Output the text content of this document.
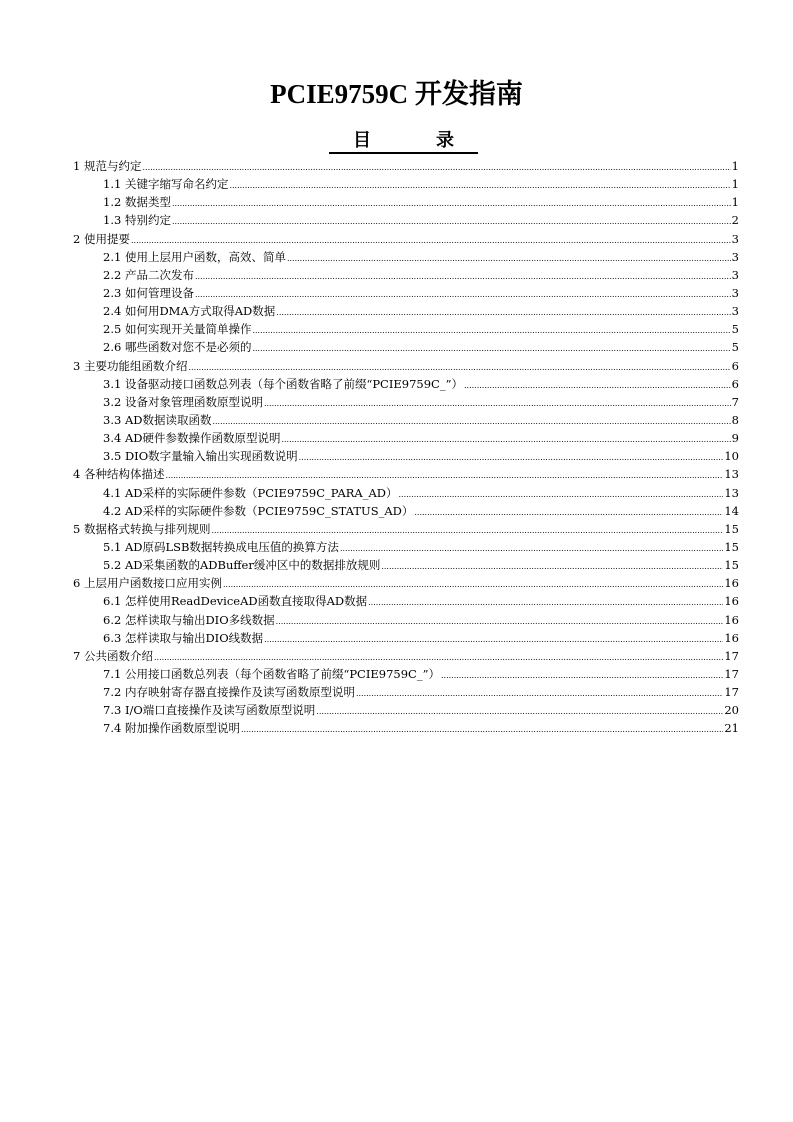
PCIE9759C 开发指南
目	录
1 规范与约定 .....	1
1.1 关键字缩写命名约定 .....	1
1.2 数据类型 .....	1
1.3 特别约定 .....	2
2 使用提要 .....	3
2.1 使用上层用户函数，高效、简单 .....	3
2.2 产品二次发布 .....	3
2.3 如何管理设备 .....	3
2.4 如何用DMA方式取得AD数据 .....	3
2.5 如何实现开关量简单操作 .....	5
2.6 哪些函数对您不是必须的 .....	5
3 主要功能组函数介绍 .....	6
3.1 设备驱动接口函数总列表（每个函数省略了前缀“PCIE9759C_”） .....	6
3.2 设备对象管理函数原型说明 .....	7
3.3 AD数据读取函数 .....	8
3.4 AD硬件参数操作函数原型说明 .....	9
3.5 DIO数字量输入输出实现函数说明 .....	10
4 各种结构体描述 .....	13
4.1 AD采样的实际硬件参数（PCIE9759C_PARA_AD） .....	13
4.2 AD采样的实际硬件参数（PCIE9759C_STATUS_AD） .....	14
5 数据格式转换与排列规则 .....	15
5.1 AD原码LSB数据转换成电压值的换算方法 .....	15
5.2 AD采集函数的ADBuffer缓冲区中的数据排放规则 .....	15
6 上层用户函数接口应用实例 .....	16
6.1 怎样使用ReadDeviceAD函数直接取得AD数据 .....	16
6.2 怎样读取与输出DIO多线数据 .....	16
6.3 怎样读取与输出DIO线数据 .....	16
7 公共函数介绍 .....	17
7.1 公用接口函数总列表（每个函数省略了前缀“PCIE9759C_”） .....	17
7.2 内存映射寄存器直接操作及读写函数原型说明 .....	17
7.3 I/O端口直接操作及读写函数原型说明 .....	20
7.4 附加操作函数原型说明 .....	21
